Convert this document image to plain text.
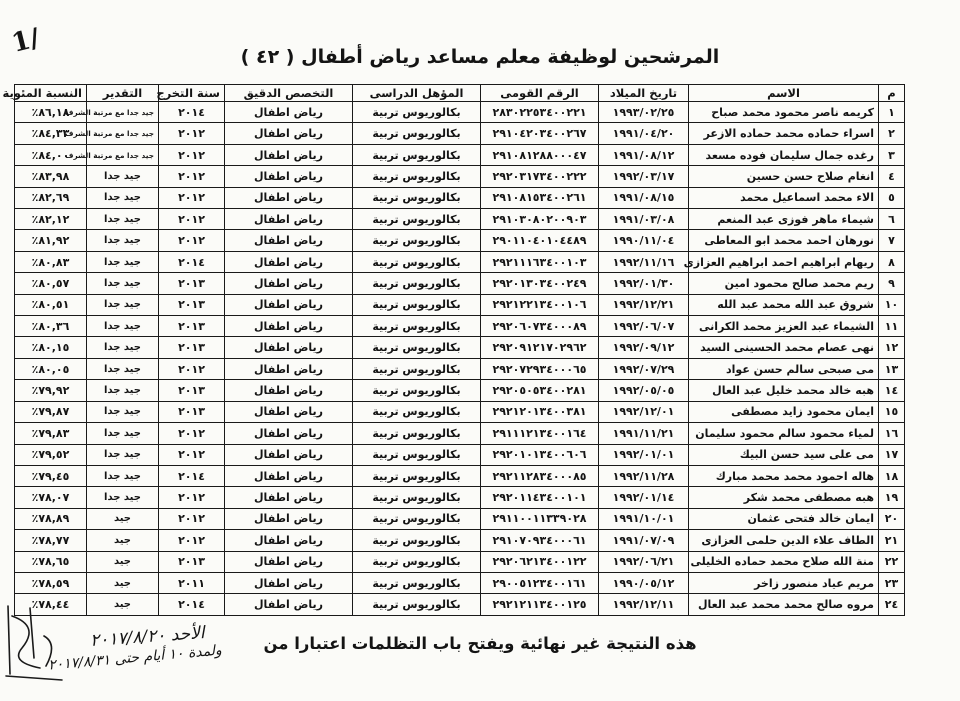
1/	المرشحين لوظيفة معلم مساعد رياض أطفال ( ٤٢ )
م	الاسم	تاريخ الميلاد	الرقم القومى	المؤهل الدراسى	التخصص الدقيق	سنة التخرج	التقدير	النسبة المئوية
١	كريمه ناصر محمود محمد صباح	١٩٩٣/٠٢/٢٥	٢٨٣٠٢٢٥٣٤٠٠٢٢١	بكالوريوس تربية	رياض اطفال	٢٠١٤	جيد جدا مع مرتبة الشرف	٨٦,١٨٪
٢	اسراء حماده محمد حماده الازعر	١٩٩١/٠٤/٢٠	٢٩١٠٤٢٠٣٤٠٠٢٦٧	بكالوريوس تربية	رياض اطفال	٢٠١٢	جيد جدا مع مرتبة الشرف	٨٤,٣٣٪
٣	رغده جمال سليمان فوده مسعد	١٩٩١/٠٨/١٢	٢٩١٠٨١٢٨٨٠٠٠٤٧	بكالوريوس تربية	رياض اطفال	٢٠١٢	جيد جدا مع مرتبة الشرف	٨٤,٠٠٪
٤	انغام صلاح حسن حسين	١٩٩٢/٠٣/١٧	٢٩٢٠٣١٧٣٤٠٠٢٢٢	بكالوريوس تربية	رياض اطفال	٢٠١٢	جيد جدا	٨٣,٩٨٪
٥	الاء محمد اسماعيل محمد	١٩٩١/٠٨/١٥	٢٩١٠٨١٥٣٤٠٠٢٦١	بكالوريوس تربية	رياض اطفال	٢٠١٢	جيد جدا	٨٢,٦٩٪
٦	شيماء ماهر فوزى عبد المنعم	١٩٩١/٠٣/٠٨	٢٩١٠٣٠٨٠٢٠٠٩٠٣	بكالوريوس تربية	رياض اطفال	٢٠١٢	جيد جدا	٨٢,١٢٪
٧	نورهان احمد محمد ابو المعاطى	١٩٩٠/١١/٠٤	٢٩٠١١٠٤٠١٠٤٤٨٩	بكالوريوس تربية	رياض اطفال	٢٠١٢	جيد جدا	٨١,٩٢٪
٨	ريهام ابراهيم احمد ابراهيم العزازى	١٩٩٢/١١/١٦	٢٩٢١١١٦٣٤٠٠١٠٣	بكالوريوس تربية	رياض اطفال	٢٠١٤	جيد جدا	٨٠,٨٣٪
٩	ريم محمد صالح محمود امين	١٩٩٢/٠١/٣٠	٢٩٢٠١٣٠٣٤٠٠٢٤٩	بكالوريوس تربية	رياض اطفال	٢٠١٣	جيد جدا	٨٠,٥٧٪
١٠	شروق عبد الله محمد عبد الله	١٩٩٢/١٢/٢١	٢٩٢١٢٢١٣٤٠٠١٠٦	بكالوريوس تربية	رياض اطفال	٢٠١٣	جيد جدا	٨٠,٥١٪
١١	الشيماء عبد العزيز محمد الكرانى	١٩٩٢/٠٦/٠٧	٢٩٢٠٦٠٧٣٤٠٠٠٨٩	بكالوريوس تربية	رياض اطفال	٢٠١٣	جيد جدا	٨٠,٣٦٪
١٢	نهى عصام محمد الحسينى السيد	١٩٩٢/٠٩/١٢	٢٩٢٠٩١٢١٧٠٢٩٦٢	بكالوريوس تربية	رياض اطفال	٢٠١٣	جيد جدا	٨٠,١٥٪
١٣	مى صبحى سالم حسن عواد	١٩٩٢/٠٧/٢٩	٢٩٢٠٧٢٩٣٤٠٠٠٦٥	بكالوريوس تربية	رياض اطفال	٢٠١٢	جيد جدا	٨٠,٠٥٪
١٤	هبه خالد محمد خليل عبد العال	١٩٩٢/٠٥/٠٥	٢٩٢٠٥٠٥٣٤٠٠٢٨١	بكالوريوس تربية	رياض اطفال	٢٠١٣	جيد جدا	٧٩,٩٢٪
١٥	ايمان محمود زايد مصطفى	١٩٩٢/١٢/٠١	٢٩٢١٢٠١٣٤٠٠٣٨١	بكالوريوس تربية	رياض اطفال	٢٠١٣	جيد جدا	٧٩,٨٧٪
١٦	لمياء محمود سالم محمود سليمان	١٩٩١/١١/٢١	٢٩١١١٢١٣٤٠٠١٦٤	بكالوريوس تربية	رياض اطفال	٢٠١٢	جيد جدا	٧٩,٨٣٪
١٧	مى على سيد حسن البيك	١٩٩٢/٠١/٠١	٢٩٢٠١٠١٣٤٠٠٦٠٦	بكالوريوس تربية	رياض اطفال	٢٠١٢	جيد جدا	٧٩,٥٢٪
١٨	هاله احمود محمد محمد مبارك	١٩٩٢/١١/٢٨	٢٩٢١١٢٨٣٤٠٠٠٨٥	بكالوريوس تربية	رياض اطفال	٢٠١٤	جيد جدا	٧٩,٤٥٪
١٩	هبه مصطفى محمد شكر	١٩٩٢/٠١/١٤	٢٩٢٠١١٤٣٤٠٠١٠١	بكالوريوس تربية	رياض اطفال	٢٠١٢	جيد جدا	٧٨,٠٧٪
٢٠	ايمان خالد فتحى عثمان	١٩٩١/١٠/٠١	٢٩١١٠٠١١٣٣٩٠٢٨	بكالوريوس تربية	رياض اطفال	٢٠١٢	جيد	٧٨,٨٩٪
٢١	الطاف علاء الدين حلمى العزازى	١٩٩١/٠٧/٠٩	٢٩١٠٧٠٩٣٤٠٠٠٦١	بكالوريوس تربية	رياض اطفال	٢٠١٢	جيد	٧٨,٧٧٪
٢٢	منة الله صلاح محمد حماده الخليلى	١٩٩٢/٠٦/٢١	٢٩٢٠٦٢١٣٤٠٠١٢٢	بكالوريوس تربية	رياض اطفال	٢٠١٣	جيد	٧٨,٦٥٪
٢٣	مريم عياد منصور زاخر	١٩٩٠/٠٥/١٢	٢٩٠٠٥١٢٣٤٠٠١٦١	بكالوريوس تربية	رياض اطفال	٢٠١١	جيد	٧٨,٥٩٪
٢٤	مروه صالح محمد محمد عبد العال	١٩٩٢/١٢/١١	٢٩٢١٢١١٣٤٠٠١٢٥	بكالوريوس تربية	رياض اطفال	٢٠١٤	جيد	٧٨,٤٤٪
هذه النتيجة غير نهائية ويفتح باب التظلمات اعتبارا من
الأحد ٢٠١٧/٨/٢٠
ولمدة ١٠ أيام حتى ٢٠١٧/٨/٣١
